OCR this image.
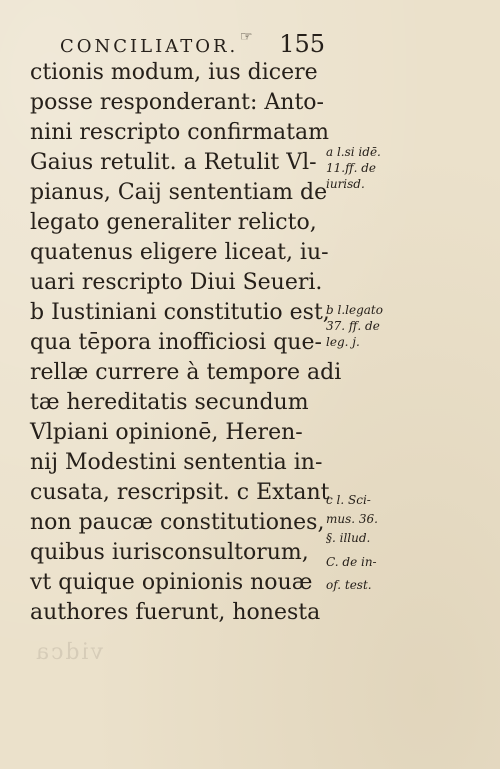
CONCILIATOR. 155
☞
ctionis modum, ius dicere
posse responderant: Anto-
nini rescripto confirmatam
Gaius retulit. a Retulit Vl-
pianus, Caij sententiam de
legato generaliter relicto,
quatenus eligere liceat, iu-
uari rescripto Diui Seueri.
b Iustiniani constitutio est,
qua tēpora inofficiosi que-
rellæ currere à tempore adi
tæ hereditatis secundum
Vlpiani opinionē, Heren-
nij Modestini sententia in-
cusata, rescripsit. c Extant
non paucæ constitutiones,
quibus iurisconsultorum,
vt quique opinionis nouæ
authores fuerunt, honesta
a l.si idē.
11.ff. de
iurisd.
b l.legato
37. ff. de
leg. j.
c l. Sci-
mus. 36.
§. illud.
C. de in-
of. test.
vidca
